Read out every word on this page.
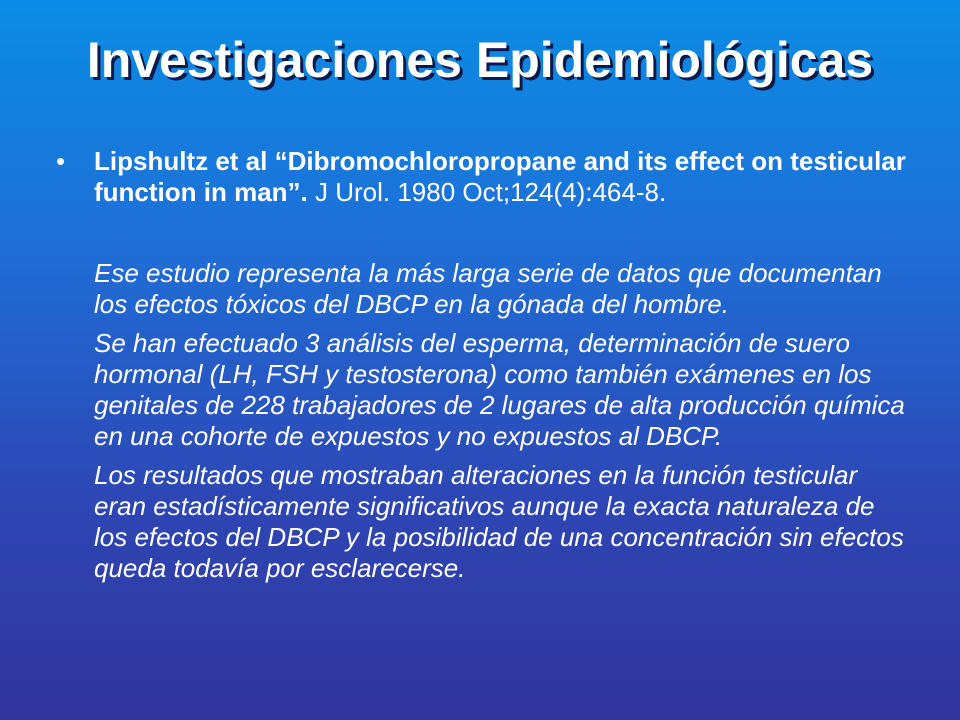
Investigaciones Epidemiológicas
• Lipshultz et al “Dibromochloropropane and its effect on testicular function in man”. J Urol. 1980 Oct;124(4):464-8.
Ese estudio representa la más larga serie de datos que documentan los efectos tóxicos del DBCP en la gónada del hombre.
Se han efectuado 3 análisis del esperma, determinación de suero hormonal (LH, FSH y testosterona) como también exámenes en los genitales de 228 trabajadores de 2 lugares de alta producción química en una cohorte de expuestos y no expuestos al DBCP.
Los resultados que mostraban alteraciones en la función testicular eran estadísticamente significativos aunque la exacta naturaleza de los efectos del DBCP y la posibilidad de una concentración sin efectos queda todavía por esclarecerse.
